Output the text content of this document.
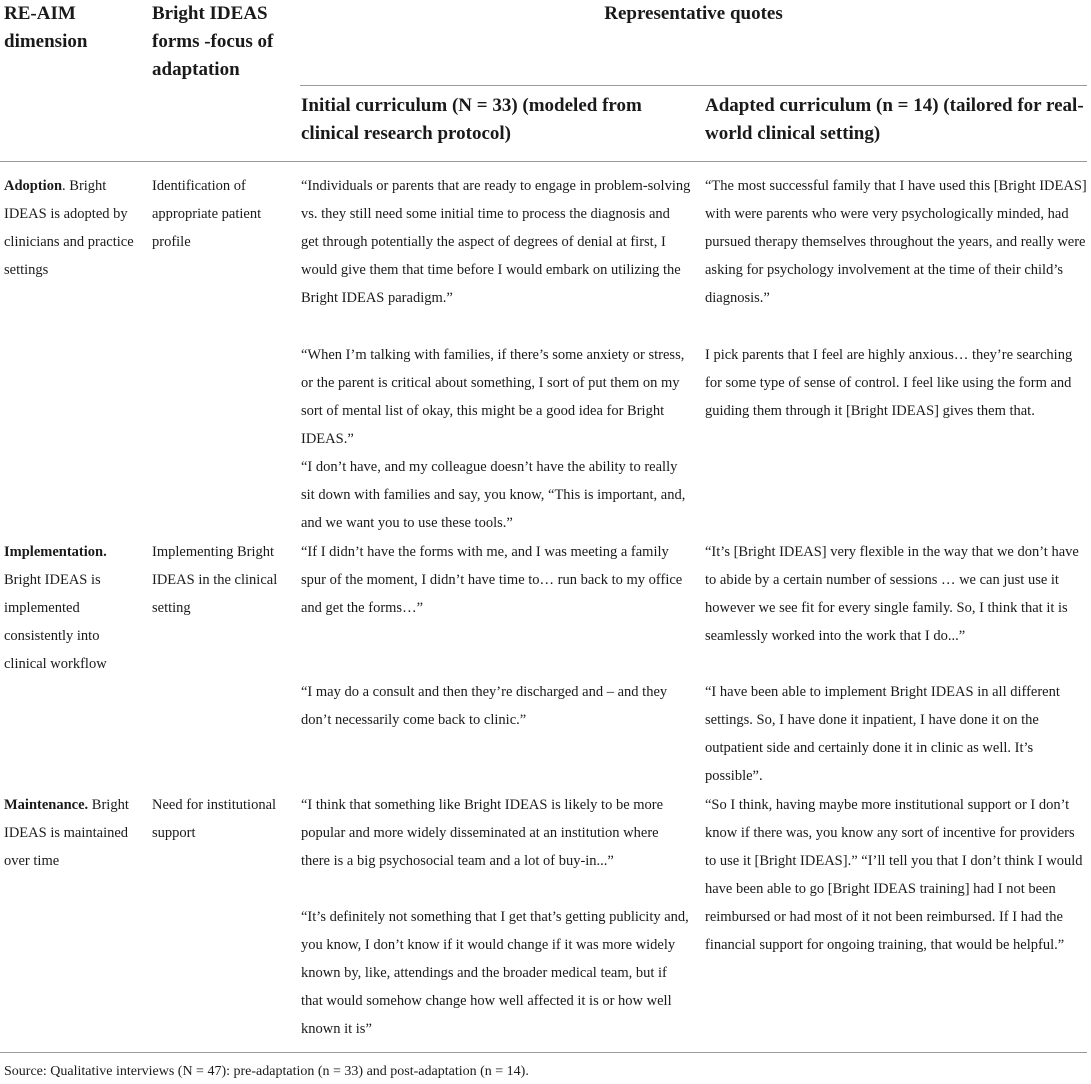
RE-AIM dimension
Bright IDEAS forms -focus of adaptation
Representative quotes
Initial curriculum (N = 33) (modeled from clinical research protocol)
Adapted curriculum (n = 14) (tailored for real-world clinical setting)
Adoption. Bright IDEAS is adopted by clinicians and practice settings
Identification of appropriate patient profile
“Individuals or parents that are ready to engage in problem-solving vs. they still need some initial time to process the diagnosis and get through potentially the aspect of degrees of denial at first, I would give them that time before I would embark on utilizing the Bright IDEAS paradigm.”
“When I’m talking with families, if there’s some anxiety or stress, or the parent is critical about something, I sort of put them on my sort of mental list of okay, this might be a good idea for Bright IDEAS.”
“I don’t have, and my colleague doesn’t have the ability to really sit down with families and say, you know, “This is important, and, and we want you to use these tools.”
“The most successful family that I have used this [Bright IDEAS] with were parents who were very psychologically minded, had pursued therapy themselves throughout the years, and really were asking for psychology involvement at the time of their child’s diagnosis.”
I pick parents that I feel are highly anxious… they’re searching for some type of sense of control. I feel like using the form and guiding them through it [Bright IDEAS] gives them that.
Implementation. Bright IDEAS is implemented consistently into clinical workflow
Implementing Bright IDEAS in the clinical setting
“If I didn’t have the forms with me, and I was meeting a family spur of the moment, I didn’t have time to… run back to my office and get the forms…”
“I may do a consult and then they’re discharged and – and they don’t necessarily come back to clinic.”
“It’s [Bright IDEAS] very flexible in the way that we don’t have to abide by a certain number of sessions … we can just use it however we see fit for every single family. So, I think that it is seamlessly worked into the work that I do...”
“I have been able to implement Bright IDEAS in all different settings. So, I have done it inpatient, I have done it on the outpatient side and certainly done it in clinic as well. It’s possible”.
Maintenance. Bright IDEAS is maintained over time
Need for institutional support
“I think that something like Bright IDEAS is likely to be more popular and more widely disseminated at an institution where there is a big psychosocial team and a lot of buy-in...”
“It’s definitely not something that I get that’s getting publicity and, you know, I don’t know if it would change if it was more widely known by, like, attendings and the broader medical team, but if that would somehow change how well affected it is or how well known it is”
“So I think, having maybe more institutional support or I don’t know if there was, you know any sort of incentive for providers to use it [Bright IDEAS].” “I’ll tell you that I don’t think I would have been able to go [Bright IDEAS training] had I not been reimbursed or had most of it not been reimbursed. If I had the financial support for ongoing training, that would be helpful.”
Source: Qualitative interviews (N = 47): pre-adaptation (n = 33) and post-adaptation (n = 14).
